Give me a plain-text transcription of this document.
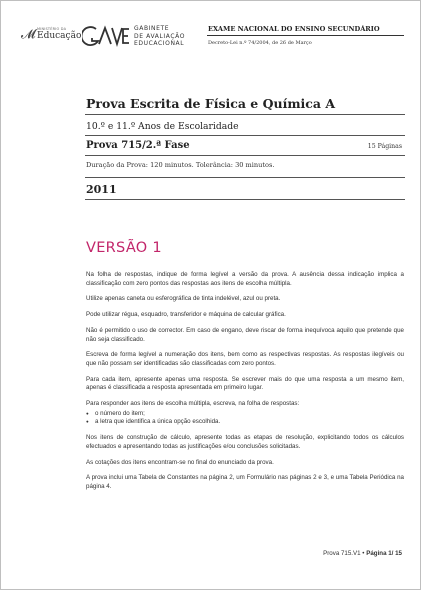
𝓜 MINISTÉRIO DA
Educação
GABINETE
DE AVALIAÇÃO
EDUCACIONAL
EXAME NACIONAL DO ENSINO SECUNDÁRIO
Decreto-Lei n.º 74/2004, de 26 de Março
Prova Escrita de Física e Química A
10.º e 11.º Anos de Escolaridade
Prova 715/2.ª Fase	15 Páginas
Duração da Prova: 120 minutos. Tolerância: 30 minutos.
2011
VERSÃO 1

Na folha de respostas, indique de forma legível a versão da prova. A ausência dessa indicação implica a classificação com zero pontos das respostas aos itens de escolha múltipla.

Utilize apenas caneta ou esferográfica de tinta indelével, azul ou preta.

Pode utilizar régua, esquadro, transferidor e máquina de calcular gráfica.

Não é permitido o uso de corrector. Em caso de engano, deve riscar de forma inequívoca aquilo que pretende que não seja classificado.

Escreva de forma legível a numeração dos itens, bem como as respectivas respostas. As respostas ilegíveis ou que não possam ser identificadas são classificadas com zero pontos.

Para cada item, apresente apenas uma resposta. Se escrever mais do que uma resposta a um mesmo item, apenas é classificada a resposta apresentada em primeiro lugar.

Para responder aos itens de escolha múltipla, escreva, na folha de respostas:

● o número do item;
● a letra que identifica a única opção escolhida.

Nos itens de construção de cálculo, apresente todas as etapas de resolução, explicitando todos os cálculos efectuados e apresentando todas as justificações e/ou conclusões solicitadas.

As cotações dos itens encontram-se no final do enunciado da prova.

A prova inclui uma Tabela de Constantes na página 2, um Formulário nas páginas 2 e 3, e uma Tabela Periódica na página 4.

Prova 715.V1 • Página 1/ 15
